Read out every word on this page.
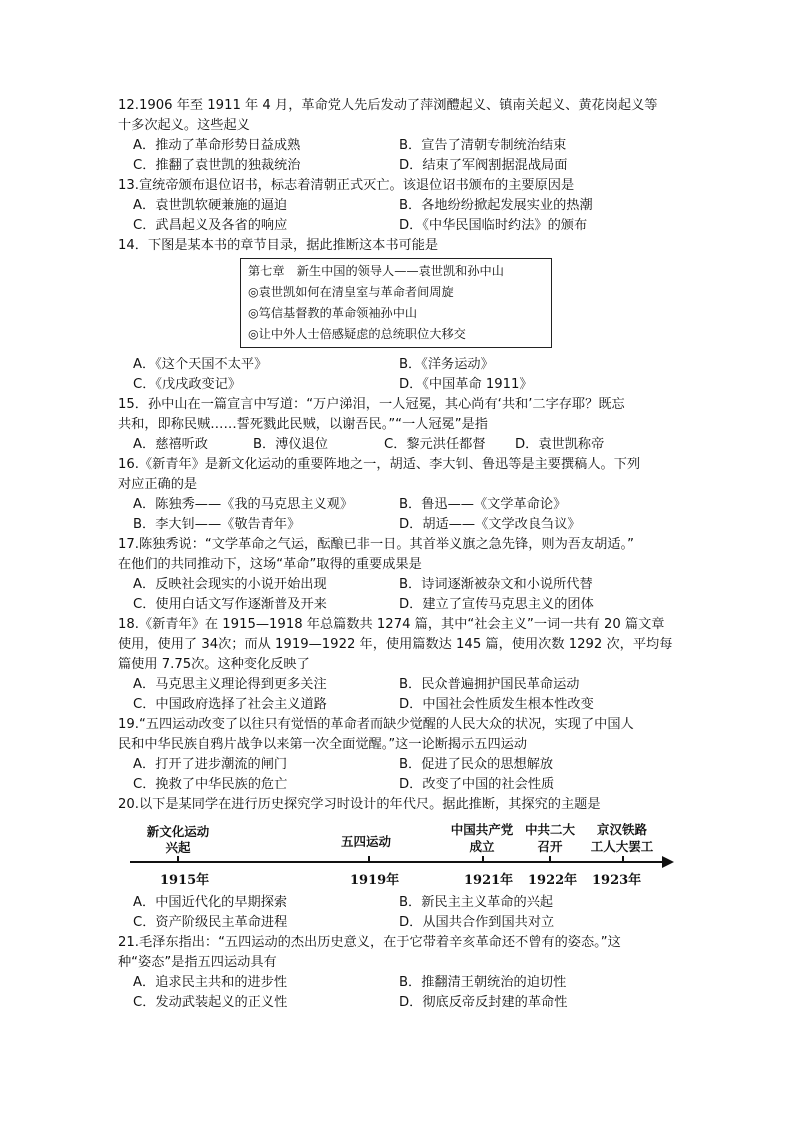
12.1906 年至 1911 年 4 月，革命党人先后发动了萍浏醴起义、镇南关起义、黄花岗起义等
十多次起义。这些起义
A．推动了革命形势日益成熟	B．宣告了清朝专制统治结束
C．推翻了袁世凯的独裁统治	D．结束了军阀割据混战局面
13.宣统帝颁布退位诏书，标志着清朝正式灭亡。该退位诏书颁布的主要原因是
A．袁世凯软硬兼施的逼迫	B．各地纷纷掀起发展实业的热潮
C．武昌起义及各省的响应	D．《中华民国临时约法》的颁布
14．下图是某本书的章节目录，据此推断这本书可能是
第七章　新生中国的领导人——袁世凯和孙中山
◎袁世凯如何在清皇室与革命者间周旋
◎笃信基督教的革命领袖孙中山
◎让中外人士倍感疑虑的总统职位大移交
A．《这个天国不太平》	B．《洋务运动》
C．《戊戌政变记》	D．《中国革命 1911》
15．孙中山在一篇宣言中写道：“万户涕泪，一人冠冕，其心尚有‘共和’二字存耶？既忘
共和，即称民贼……誓死戮此民贼，以谢吾民。”“一人冠冕”是指
A．慈禧听政	B．溥仪退位	C．黎元洪任都督 D．袁世凯称帝
16.《新青年》是新文化运动的重要阵地之一，胡适、李大钊、鲁迅等是主要撰稿人。下列
对应正确的是
A．陈独秀——《我的马克思主义观》	B．鲁迅——《文学革命论》
B．李大钊——《敬告青年》	D．胡适——《文学改良刍议》
17.陈独秀说：“文学革命之气运，酝酿已非一日。其首举义旗之急先锋，则为吾友胡适。”
在他们的共同推动下，这场“革命”取得的重要成果是
A．反映社会现实的小说开始出现	B．诗词逐渐被杂文和小说所代替
C．使用白话文写作逐渐普及开来	D．建立了宣传马克思主义的团体
18.《新青年》在 1915—1918 年总篇数共 1274 篇，其中“社会主义”一词一共有 20 篇文章
使用，使用了 34次；而从 1919—1922 年，使用篇数达 145 篇，使用次数 1292 次，平均每
篇使用 7.75次。这种变化反映了
A．马克思主义理论得到更多关注	B．民众普遍拥护国民革命运动
C．中国政府选择了社会主义道路	D．中国社会性质发生根本性改变
19.“五四运动改变了以往只有觉悟的革命者而缺少觉醒的人民大众的状况，实现了中国人
民和中华民族自鸦片战争以来第一次全面觉醒。”这一论断揭示五四运动
A．打开了进步潮流的闸门	B．促进了民众的思想解放
C．挽救了中华民族的危亡	D．改变了中国的社会性质
20.以下是某同学在进行历史探究学习时设计的年代尺。据此推断，其探究的主题是
新文化运动
兴起
1915年
五四运动
1919年
中国共产党
成立
1921年
中共二大
召开
1922年
京汉铁路
工人大罢工
1923年
A．中国近代化的早期探索	B．新民主主义革命的兴起
C．资产阶级民主革命进程	D．从国共合作到国共对立
21.毛泽东指出：“五四运动的杰出历史意义，在于它带着辛亥革命还不曾有的姿态。”这
种“姿态”是指五四运动具有
A．追求民主共和的进步性	B．推翻清王朝统治的迫切性
C．发动武装起义的正义性	D．彻底反帝反封建的革命性
